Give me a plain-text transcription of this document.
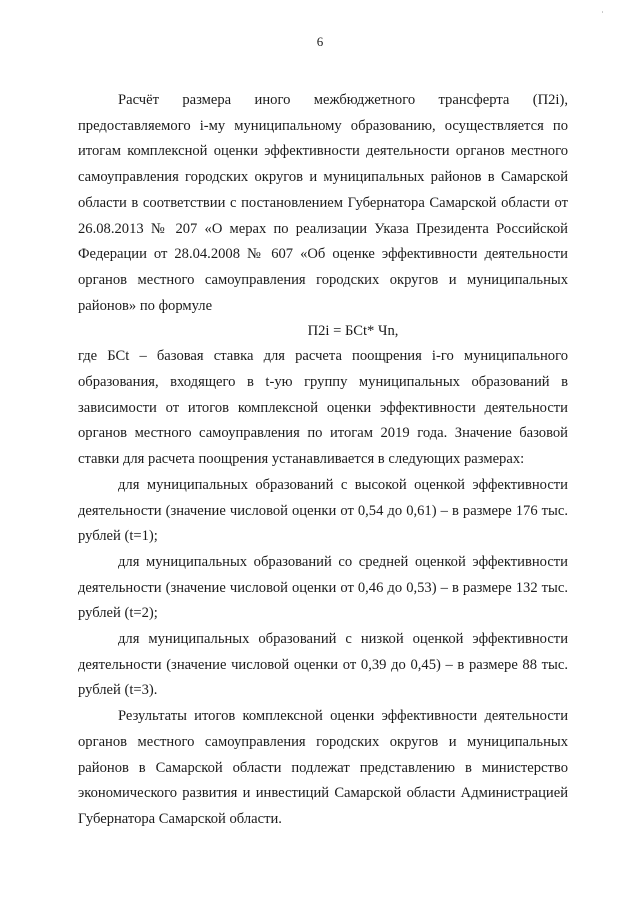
6
˙

Расчёт размера иного межбюджетного трансферта (П2i), предоставляемого i-му муниципальному образованию, осуществляется по итогам комплексной оценки эффективности деятельности органов местного самоуправления городских округов и муниципальных районов в Самарской области в соответствии с постановлением Губернатора Самарской области от 26.08.2013 № 207 «О мерах по реализации Указа Президента Российской Федерации от 28.04.2008 № 607 «Об оценке эффективности деятельности органов местного самоуправления городских округов и муниципальных районов» по формуле

П2i = БСt* Чn,

где БСt – базовая ставка для расчета поощрения i-го муниципального образования, входящего в t-ую группу муниципальных образований в зависимости от итогов комплексной оценки эффективности деятельности органов местного самоуправления по итогам 2019 года. Значение базовой ставки для расчета поощрения устанавливается в следующих размерах:

для муниципальных образований с высокой оценкой эффективности деятельности (значение числовой оценки от 0,54 до 0,61) – в размере 176 тыс. рублей (t=1);

для муниципальных образований со средней оценкой эффективности деятельности (значение числовой оценки от 0,46 до 0,53) – в размере 132 тыс. рублей (t=2);

для муниципальных образований с низкой оценкой эффективности деятельности (значение числовой оценки от 0,39 до 0,45) – в размере 88 тыс. рублей (t=3).

Результаты итогов комплексной оценки эффективности деятельности органов местного самоуправления городских округов и муниципальных районов в Самарской области подлежат представлению в министерство экономического развития и инвестиций Самарской области Администрацией Губернатора Самарской области.
